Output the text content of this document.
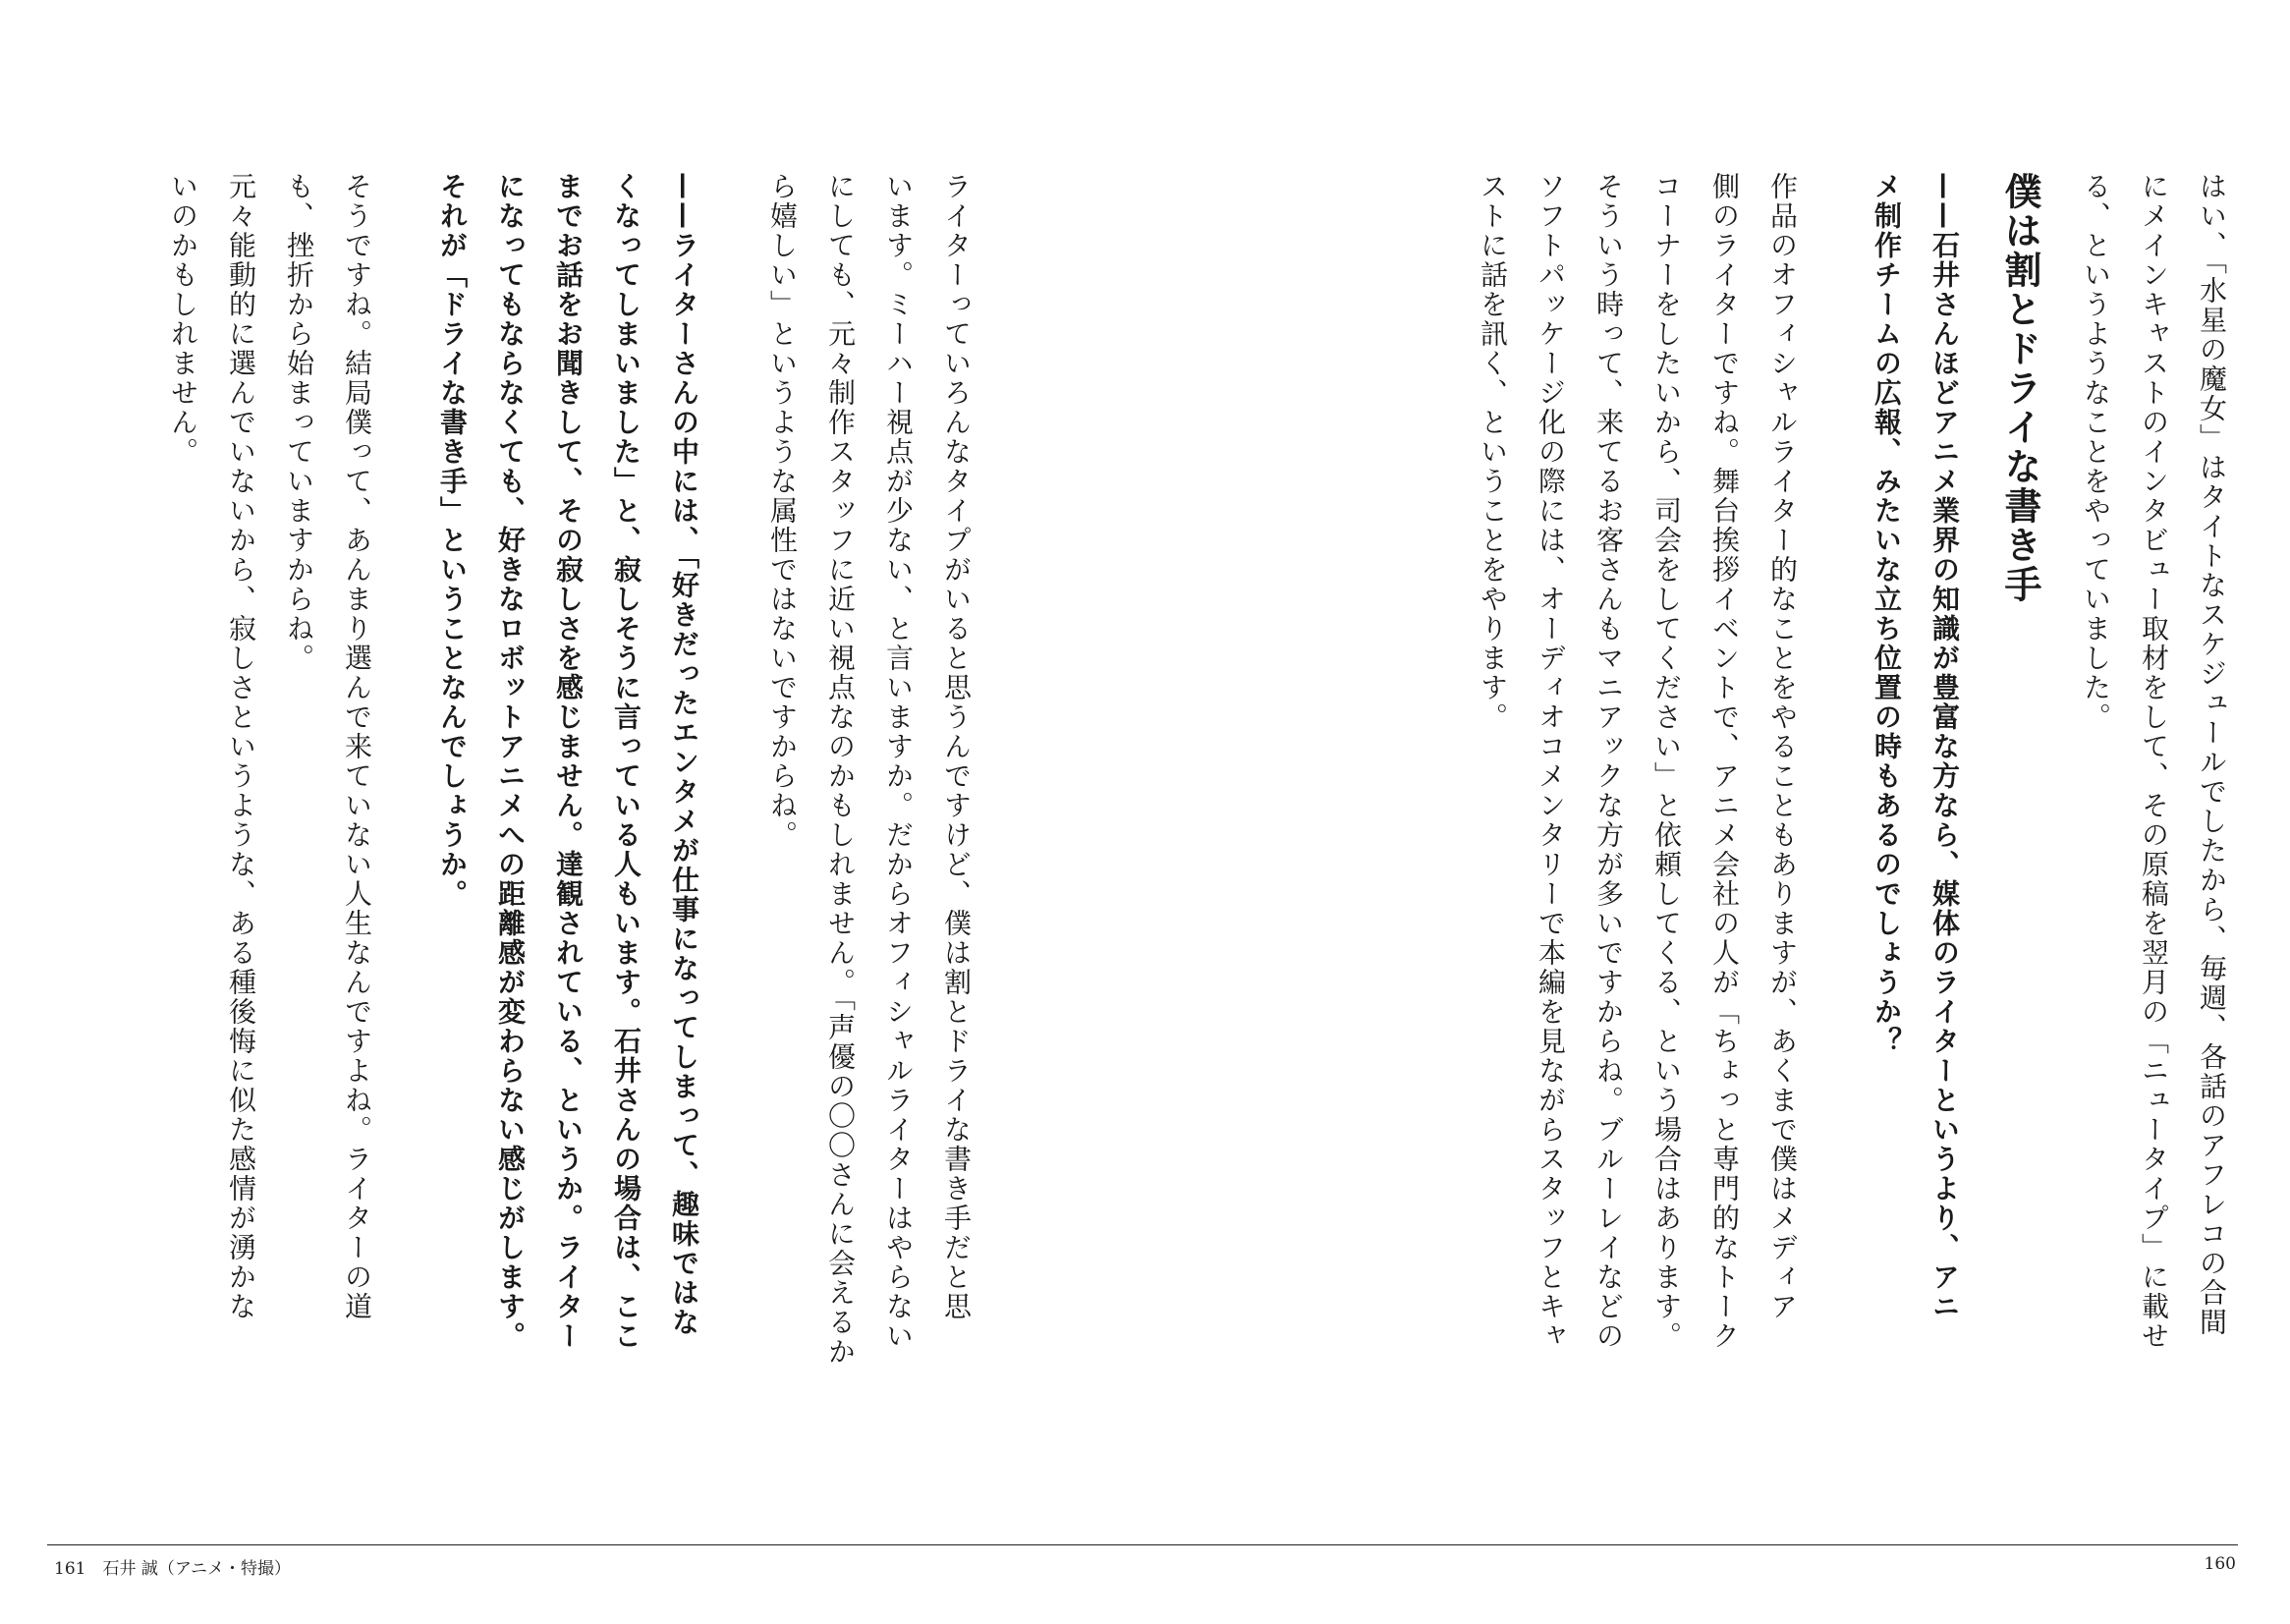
はい、「水星の魔女」はタイトなスケジュールでしたから、毎週、各話のアフレコの合間
にメインキャストのインタビュー取材をして、その原稿を翌月の「ニュータイプ」に載せ
る、というようなことをやっていました。
僕は割とドライな書き手
——石井さんほどアニメ業界の知識が豊富な方なら、媒体のライターというより、アニ
メ制作チームの広報、みたいな立ち位置の時もあるのでしょうか？
作品のオフィシャルライター的なことをやることもありますが、あくまで僕はメディア
側のライターですね。舞台挨拶イベントで、アニメ会社の人が「ちょっと専門的なトーク
コーナーをしたいから、司会をしてください」と依頼してくる、という場合はあります。
そういう時って、来てるお客さんもマニアックな方が多いですからね。ブルーレイなどの
ソフトパッケージ化の際には、オーディオコメンタリーで本編を見ながらスタッフとキャ
ストに話を訊く、ということをやります。
ライターっていろんなタイプがいると思うんですけど、僕は割とドライな書き手だと思
います。ミーハー視点が少ない、と言いますか。だからオフィシャルライターはやらない
にしても、元々制作スタッフに近い視点なのかもしれません。「声優の〇〇さんに会えるか
ら嬉しい」というような属性ではないですからね。
——ライターさんの中には、「好きだったエンタメが仕事になってしまって、趣味ではな
くなってしまいました」と、寂しそうに言っている人もいます。石井さんの場合は、ここ
までお話をお聞きして、その寂しさを感じません。達観されている、というか。ライター
になってもならなくても、好きなロボットアニメへの距離感が変わらない感じがします。
それが「ドライな書き手」ということなんでしょうか。
そうですね。結局僕って、あんまり選んで来ていない人生なんですよね。ライターの道
も、挫折から始まっていますからね。
元々能動的に選んでいないから、寂しさというような、ある種後悔に似た感情が湧かな
いのかもしれません。
161　石井 誠（アニメ・特撮）	160
